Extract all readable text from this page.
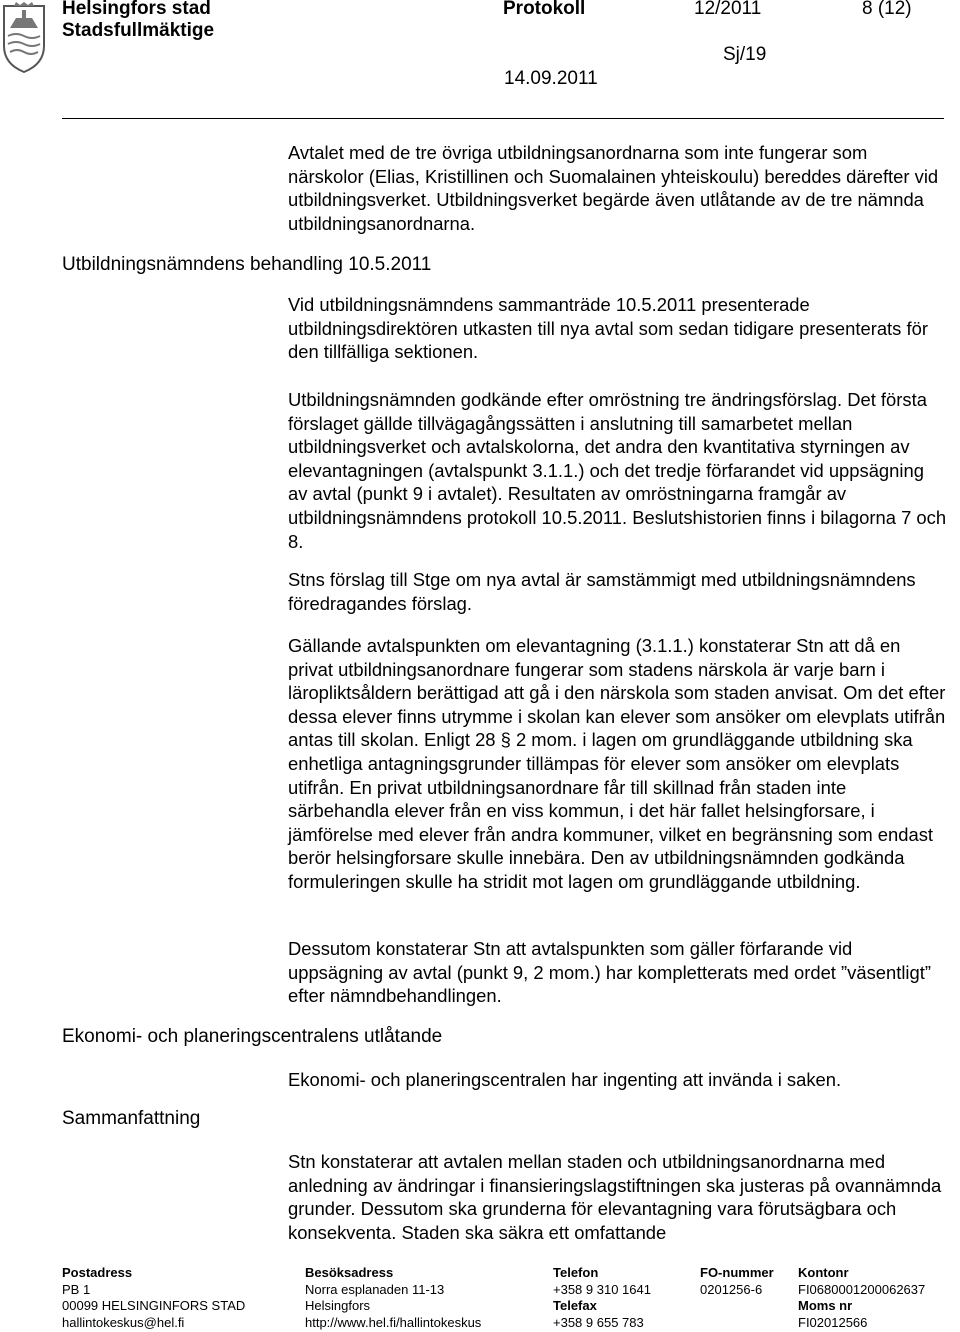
Helsingfors stad
Stadsfullmäktige
Protokoll	12/2011	8 (12)
Sj/19
14.09.2011
Utbildningsnämndens behandling 10.5.2011
Ekonomi- och planeringscentralens utlåtande
Sammanfattning

Avtalet med de tre övriga utbildningsanordnarna som inte fungerar som närskolor (Elias, Kristillinen och Suomalainen yhteiskoulu) bereddes därefter vid utbildningsverket. Utbildningsverket begärde även utlåtande av de tre nämnda utbildningsanordnarna.

Vid utbildningsnämndens sammanträde 10.5.2011 presenterade utbildningsdirektören utkasten till nya avtal som sedan tidigare presenterats för den tillfälliga sektionen.

Utbildningsnämnden godkände efter omröstning tre ändringsförslag. Det första förslaget gällde tillvägagångssätten i anslutning till samarbetet mellan utbildningsverket och avtalskolorna, det andra den kvantitativa styrningen av elevantagningen (avtalspunkt 3.1.1.) och det tredje förfarandet vid uppsägning av avtal (punkt 9 i avtalet). Resultaten av omröstningarna framgår av utbildningsnämndens protokoll 10.5.2011. Beslutshistorien finns i bilagorna 7 och 8.

Stns förslag till Stge om nya avtal är samstämmigt med utbildningsnämndens föredragandes förslag.

Gällande avtalspunkten om elevantagning (3.1.1.) konstaterar Stn att då en privat utbildningsanordnare fungerar som stadens närskola är varje barn i läropliktsåldern berättigad att gå i den närskola som staden anvisat. Om det efter dessa elever finns utrymme i skolan kan elever som ansöker om elevplats utifrån antas till skolan. Enligt 28 § 2 mom. i lagen om grundläggande utbildning ska enhetliga antagningsgrunder tillämpas för elever som ansöker om elevplats utifrån. En privat utbildningsanordnare får till skillnad från staden inte särbehandla elever från en viss kommun, i det här fallet helsingforsare, i jämförelse med elever från andra kommuner, vilket en begränsning som endast berör helsingforsare skulle innebära. Den av utbildningsnämnden godkända formuleringen skulle ha stridit mot lagen om grundläggande utbildning.

Dessutom konstaterar Stn att avtalspunkten som gäller förfarande vid uppsägning av avtal (punkt 9, 2 mom.) har kompletterats med ordet ”väsentligt” efter nämndbehandlingen.

Ekonomi- och planeringscentralen har ingenting att invända i saken.

Stn konstaterar att avtalen mellan staden och utbildningsanordnarna med anledning av ändringar i finansieringslagstiftningen ska justeras på ovannämnda grunder. Dessutom ska grunderna för elevantagning vara förutsägbara och konsekventa. Staden ska säkra ett omfattande

Postadress
PB 1
00099 HELSINGINFORS STAD
hallintokeskus@hel.fi
Besöksadress
Norra esplanaden 11-13
Helsingfors
http://www.hel.fi/hallintokeskus
Telefon
+358 9 310 1641
Telefax
+358 9 655 783
FO-nummer
0201256-6
Kontonr
FI0680001200062637
Moms nr
FI02012566
